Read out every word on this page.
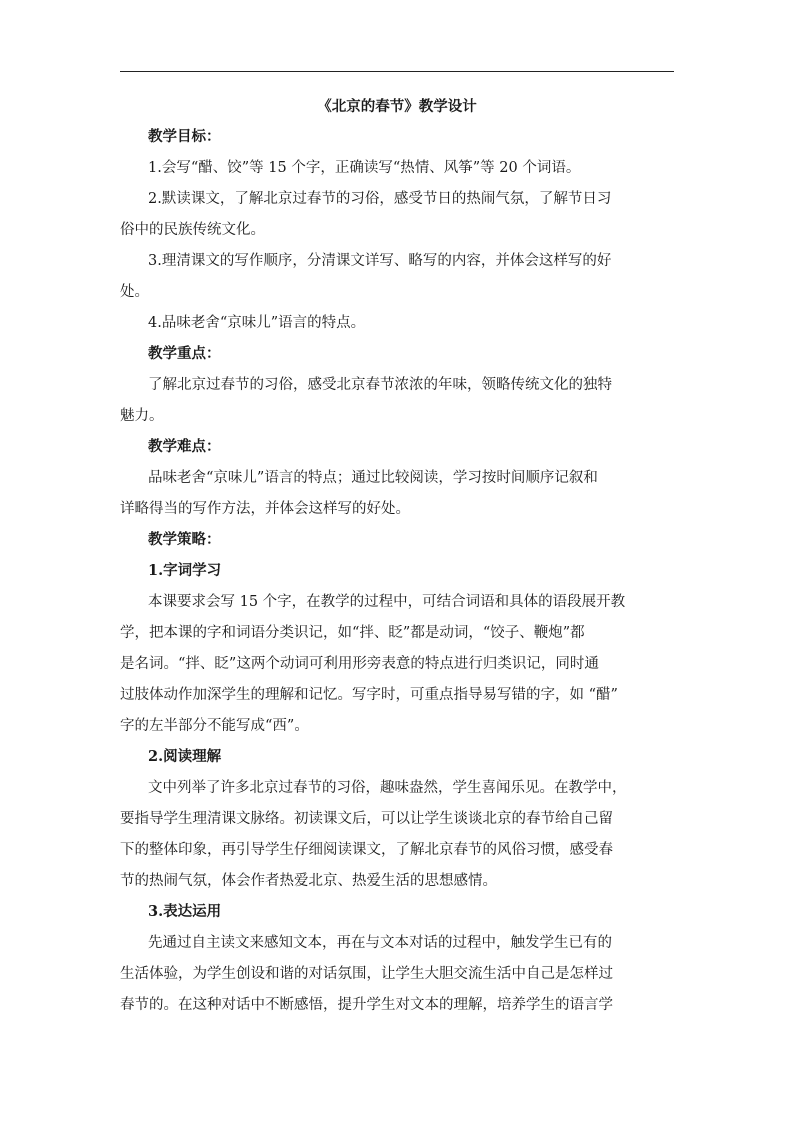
《北京的春节》教学设计
教学目标：
1.会写“醋、饺”等 15 个字，正确读写“热情、风筝”等 20 个词语。
2.默读课文，了解北京过春节的习俗，感受节日的热闹气氛，了解节日习
俗中的民族传统文化。
3.理清课文的写作顺序，分清课文详写、略写的内容，并体会这样写的好
处。
4.品味老舍“京味儿”语言的特点。
教学重点：
了解北京过春节的习俗，感受北京春节浓浓的年味，领略传统文化的独特
魅力。
教学难点：
品味老舍“京味儿”语言的特点；通过比较阅读，学习按时间顺序记叙和
详略得当的写作方法，并体会这样写的好处。
教学策略：
1.字词学习
本课要求会写 15 个字，在教学的过程中，可结合词语和具体的语段展开教
学，把本课的字和词语分类识记，如“拌、眨”都是动词，“饺子、鞭炮”都
是名词。“拌、眨”这两个动词可利用形旁表意的特点进行归类识记，同时通
过肢体动作加深学生的理解和记忆。写字时，可重点指导易写错的字，如 “醋”
字的左半部分不能写成“西”。
2.阅读理解
文中列举了许多北京过春节的习俗，趣味盎然，学生喜闻乐见。在教学中，
要指导学生理清课文脉络。初读课文后，可以让学生谈谈北京的春节给自己留
下的整体印象，再引导学生仔细阅读课文，了解北京春节的风俗习惯，感受春
节的热闹气氛，体会作者热爱北京、热爱生活的思想感情。
3.表达运用
先通过自主读文来感知文本，再在与文本对话的过程中，触发学生已有的
生活体验，为学生创设和谐的对话氛围，让学生大胆交流生活中自己是怎样过
春节的。在这种对话中不断感悟，提升学生对文本的理解，培养学生的语言学
